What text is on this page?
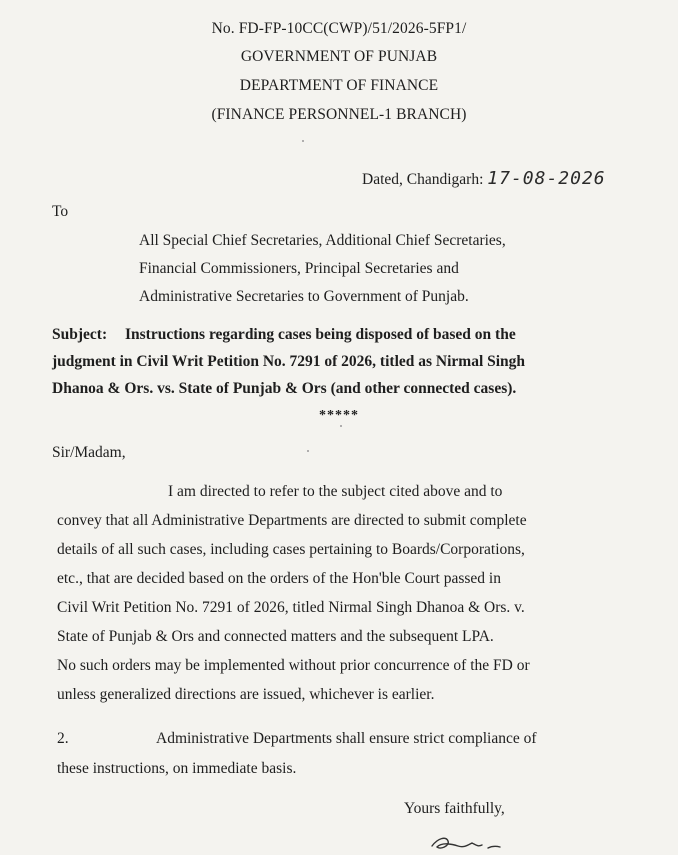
No. FD-FP-10CC(CWP)/51/2026-5FP1/
GOVERNMENT OF PUNJAB
DEPARTMENT OF FINANCE
(FINANCE PERSONNEL-1 BRANCH)
Dated, Chandigarh: 17-08-2026
To
All Special Chief Secretaries, Additional Chief Secretaries,
Financial Commissioners, Principal Secretaries and
Administrative Secretaries to Government of Punjab.
Subject: Instructions regarding cases being disposed of based on the
judgment in Civil Writ Petition No. 7291 of 2026, titled as Nirmal Singh
Dhanoa & Ors. vs. State of Punjab & Ors (and other connected cases).
*****
Sir/Madam,
I am directed to refer to the subject cited above and to
convey that all Administrative Departments are directed to submit complete
details of all such cases, including cases pertaining to Boards/Corporations,
etc., that are decided based on the orders of the Hon'ble Court passed in
Civil Writ Petition No. 7291 of 2026, titled Nirmal Singh Dhanoa & Ors. v.
State of Punjab & Ors and connected matters and the subsequent LPA.
No such orders may be implemented without prior concurrence of the FD or
unless generalized directions are issued, whichever is earlier.
2.	Administrative Departments shall ensure strict compliance of
these instructions, on immediate basis.
Yours faithfully,
